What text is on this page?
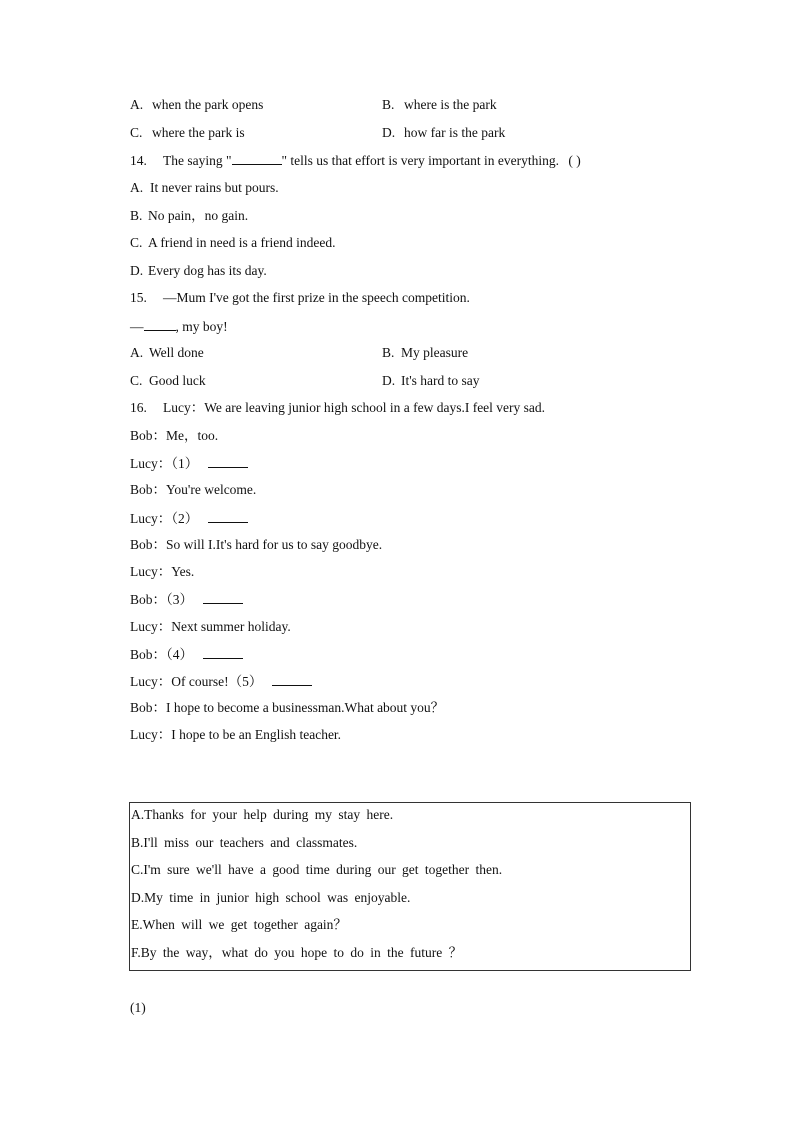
A. when the park opens	B. where is the park
C. where the park is	D. how far is the park
14. The saying "	" tells us that effort is very important in everything. ( )
A. It never rains but pours.
B. No pain，no gain.
C. A friend in need is a friend indeed.
D. Every dog has its day.
15. —Mum I've got the first prize in the speech competition.
— , my boy!
A. Well done	B. My pleasure
C. Good luck	D. It's hard to say
16. Lucy：We are leaving junior high school in a few days.I feel very sad.
Bob：Me，too.
Lucy：（1）
Bob：You're welcome.
Lucy：（2）
Bob：So will I.It's hard for us to say goodbye.
Lucy：Yes.
Bob：（3）
Lucy：Next summer holiday.
Bob：（4）
Lucy：Of course!（5）
Bob：I hope to become a businessman.What about you？
Lucy：I hope to be an English teacher.
A.Thanks for your help during my stay here.
B.I'll miss our teachers and classmates.
C.I'm sure we'll have a good time during our get together then.
D.My time in junior high school was enjoyable.
E.When will we get together again？
F.By the way，what do you hope to do in the future ？
(1)
